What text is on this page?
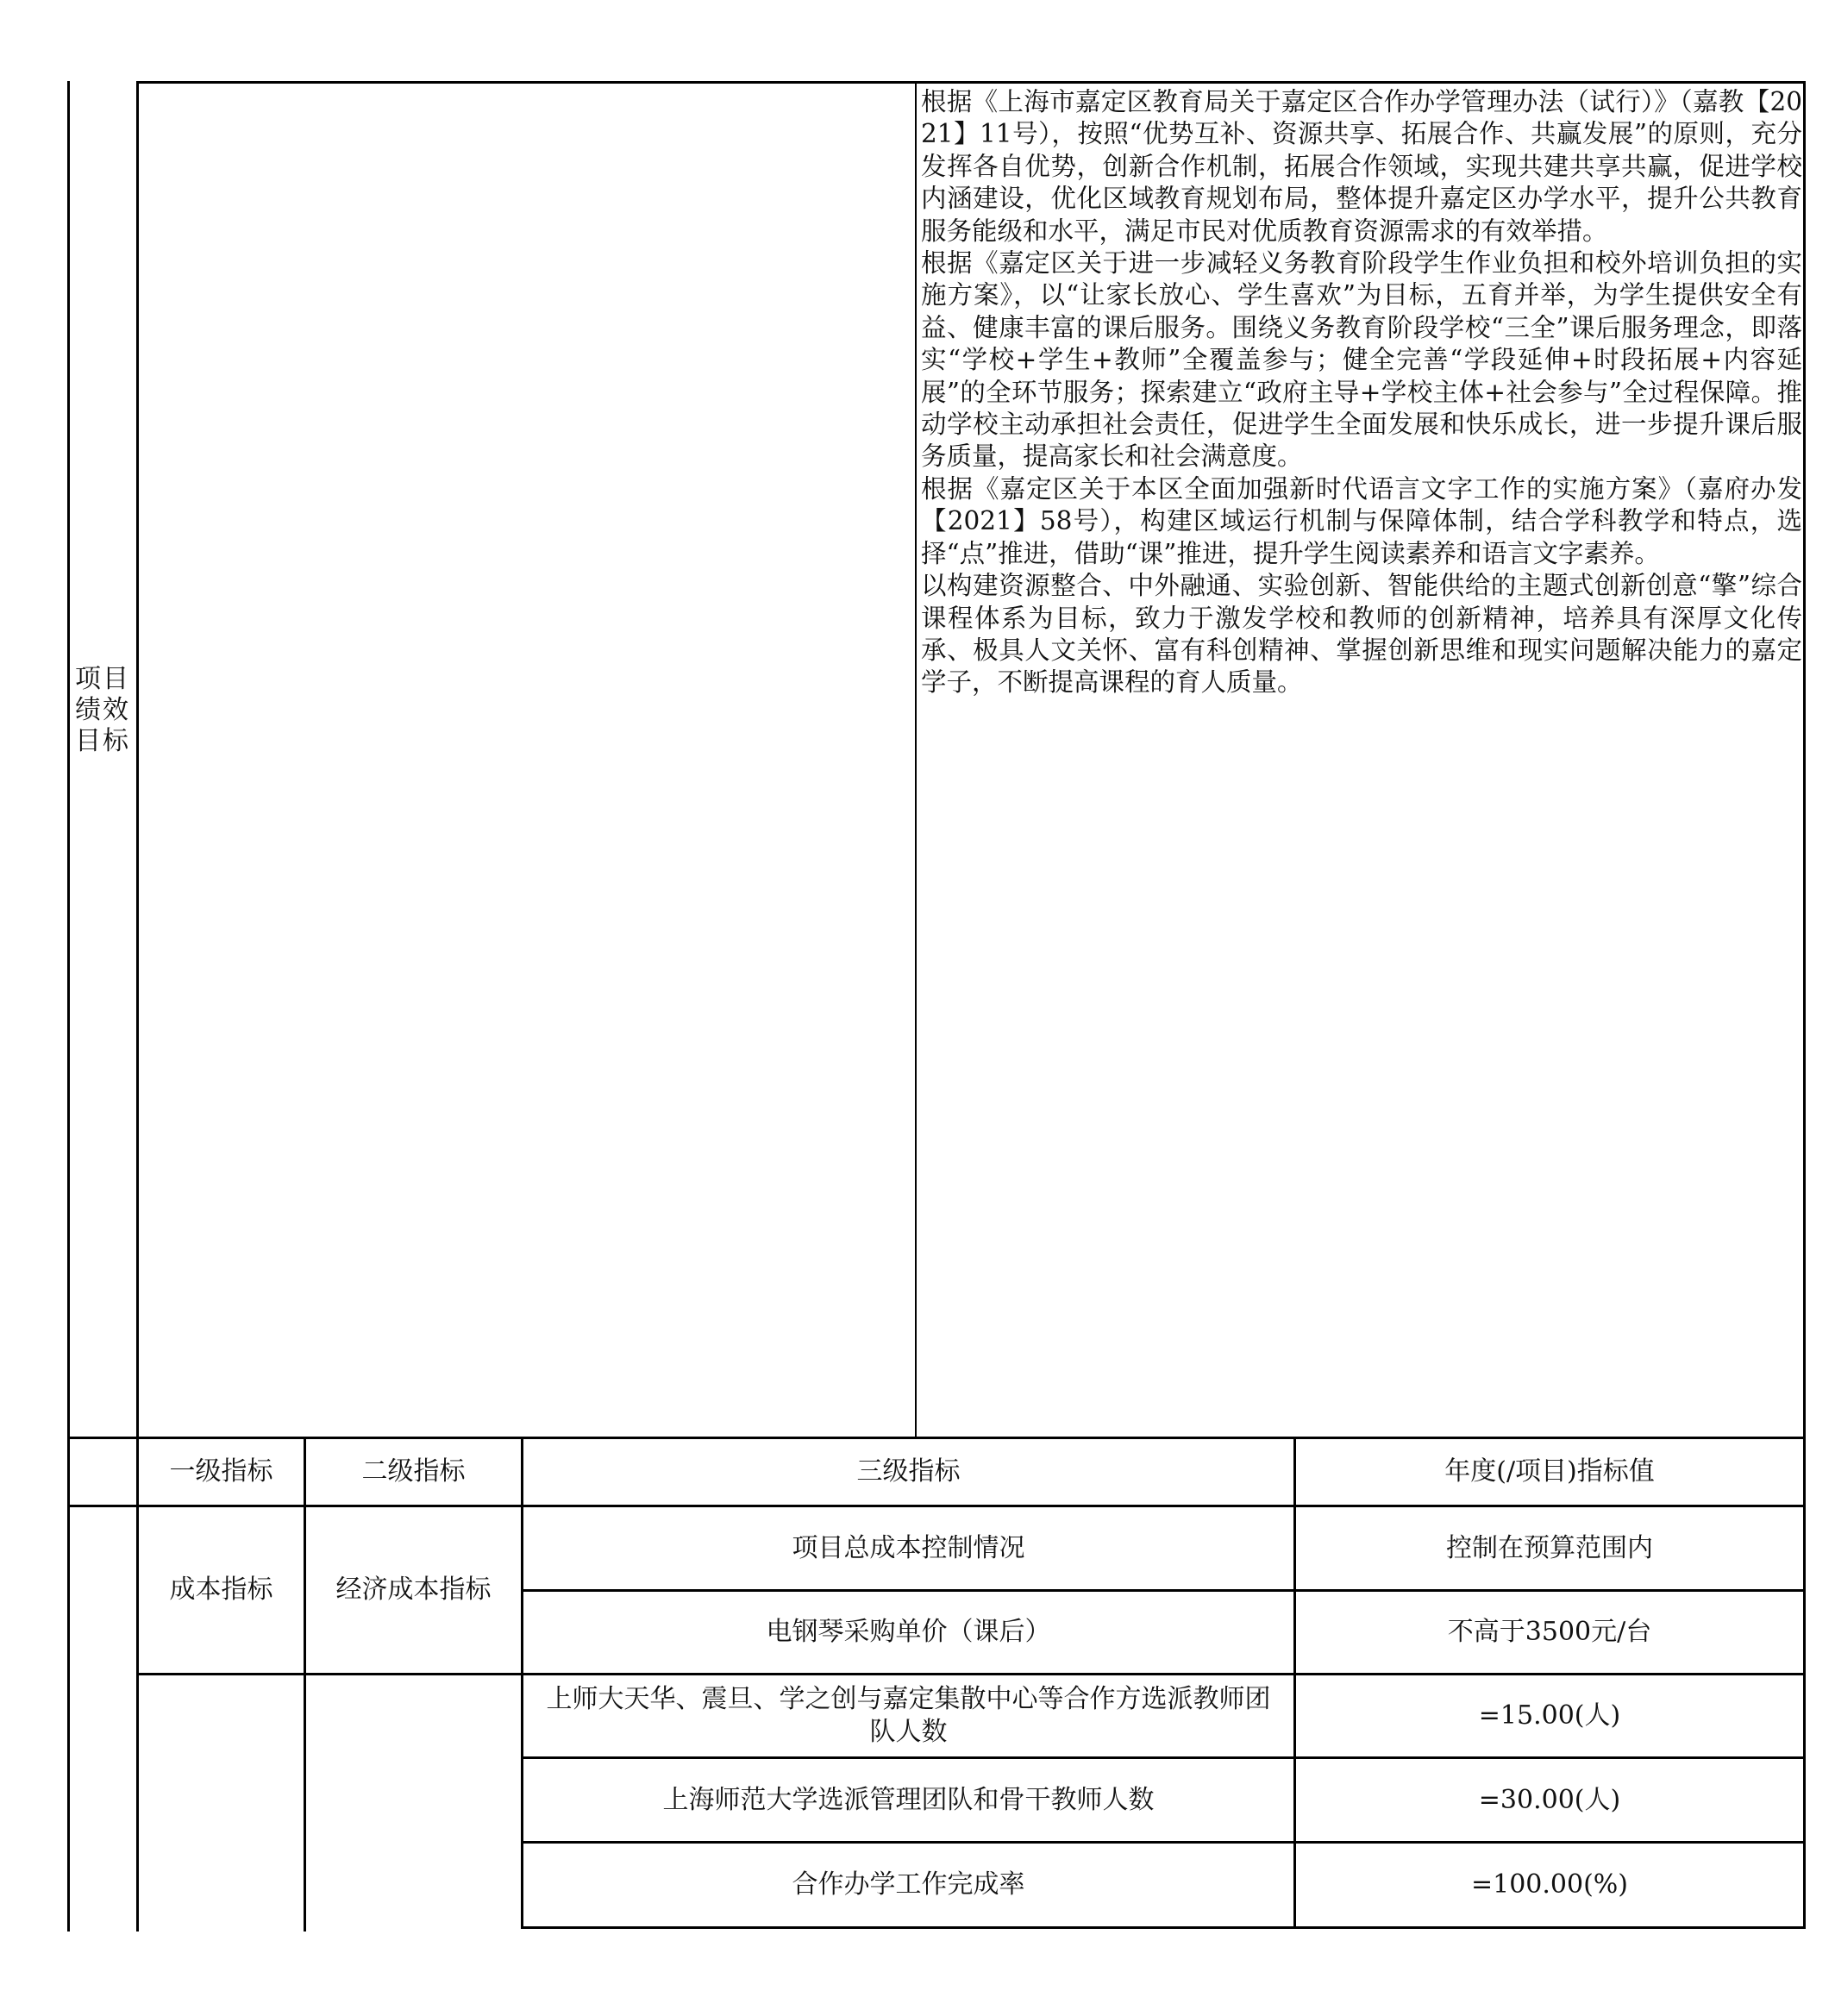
项目绩效目标

根据《上海市嘉定区教育局关于嘉定区合作办学管理办法（试行）》（嘉教【2021】11号），按照“优势互补、资源共享、拓展合作、共赢发展”的原则，充分发挥各自优势，创新合作机制，拓展合作领域，实现共建共享共赢，促进学校内涵建设，优化区域教育规划布局，整体提升嘉定区办学水平，提升公共教育服务能级和水平，满足市民对优质教育资源需求的有效举措。

根据《嘉定区关于进一步减轻义务教育阶段学生作业负担和校外培训负担的实施方案》，以“让家长放心、学生喜欢”为目标，五育并举，为学生提供安全有益、健康丰富的课后服务。围绕义务教育阶段学校“三全”课后服务理念，即落实“学校+学生+教师”全覆盖参与；健全完善“学段延伸+时段拓展+内容延展”的全环节服务；探索建立“政府主导+学校主体+社会参与”全过程保障。推动学校主动承担社会责任，促进学生全面发展和快乐成长，进一步提升课后服务质量，提高家长和社会满意度。

根据《嘉定区关于本区全面加强新时代语言文字工作的实施方案》（嘉府办发【2021】58号），构建区域运行机制与保障体制，结合学科教学和特点，选择“点”推进，借助“课”推进，提升学生阅读素养和语言文字素养。

以构建资源整合、中外融通、实验创新、智能供给的主题式创新创意“擎”综合课程体系为目标，致力于激发学校和教师的创新精神，培养具有深厚文化传承、极具人文关怀、富有科创精神、掌握创新思维和现实问题解决能力的嘉定学子，不断提高课程的育人质量。

一级指标	二级指标	三级指标	年度(/项目)指标值
成本指标	经济成本指标
项目总成本控制情况	控制在预算范围内
电钢琴采购单价（课后）	不高于3500元/台
上师大天华、震旦、学之创与嘉定集散中心等合作方选派教师团队人数
=15.00(人)
上海师范大学选派管理团队和骨干教师人数	=30.00(人)
合作办学工作完成率	=100.00(%)
